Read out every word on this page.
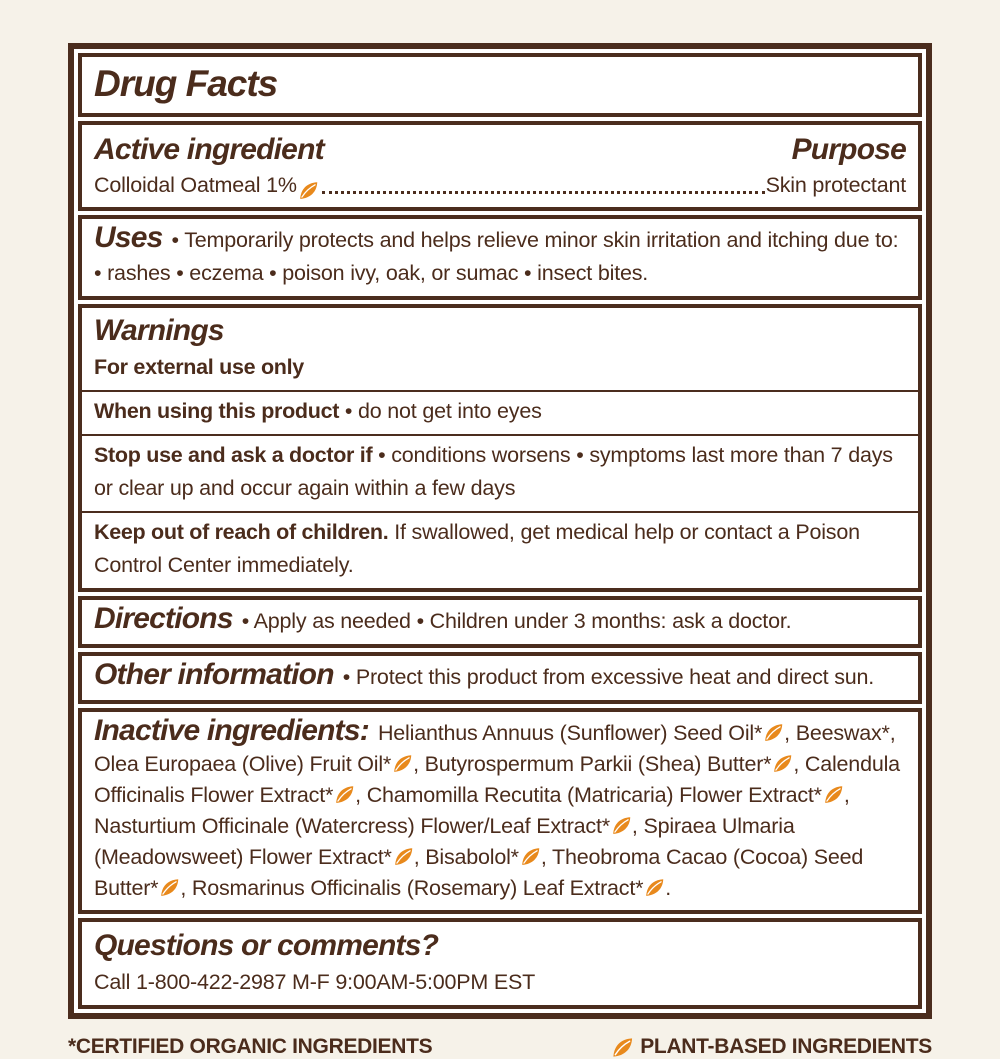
Drug Facts
Active ingredient	Purpose
Colloidal Oatmeal 1%	Skin protectant
Uses • Temporarily protects and helps relieve minor skin irritation and itching due to: • rashes • eczema • poison ivy, oak, or sumac • insect bites.
Warnings
For external use only
When using this product • do not get into eyes
Stop use and ask a doctor if • conditions worsens • symptoms last more than 7 days or clear up and occur again within a few days
Keep out of reach of children. If swallowed, get medical help or contact a Poison Control Center immediately.
Directions • Apply as needed • Children under 3 months: ask a doctor.
Other information • Protect this product from excessive heat and direct sun.
Inactive ingredients: Helianthus Annuus (Sunflower) Seed Oil* , Beeswax*, Olea Europaea (Olive) Fruit Oil* , Butyrospermum Parkii (Shea) Butter* , Calendula Officinalis Flower Extract* , Chamomilla Recutita (Matricaria) Flower Extract* , Nasturtium Officinale (Watercress) Flower/Leaf Extract* , Spiraea Ulmaria (Meadowsweet) Flower Extract* , Bisabolol* , Theobroma Cacao (Cocoa) Seed Butter* , Rosmarinus Officinalis (Rosemary) Leaf Extract* .
Questions or comments?
Call 1-800-422-2987 M-F 9:00AM-5:00PM EST
*CERTIFIED ORGANIC INGREDIENTS	PLANT-BASED INGREDIENTS
